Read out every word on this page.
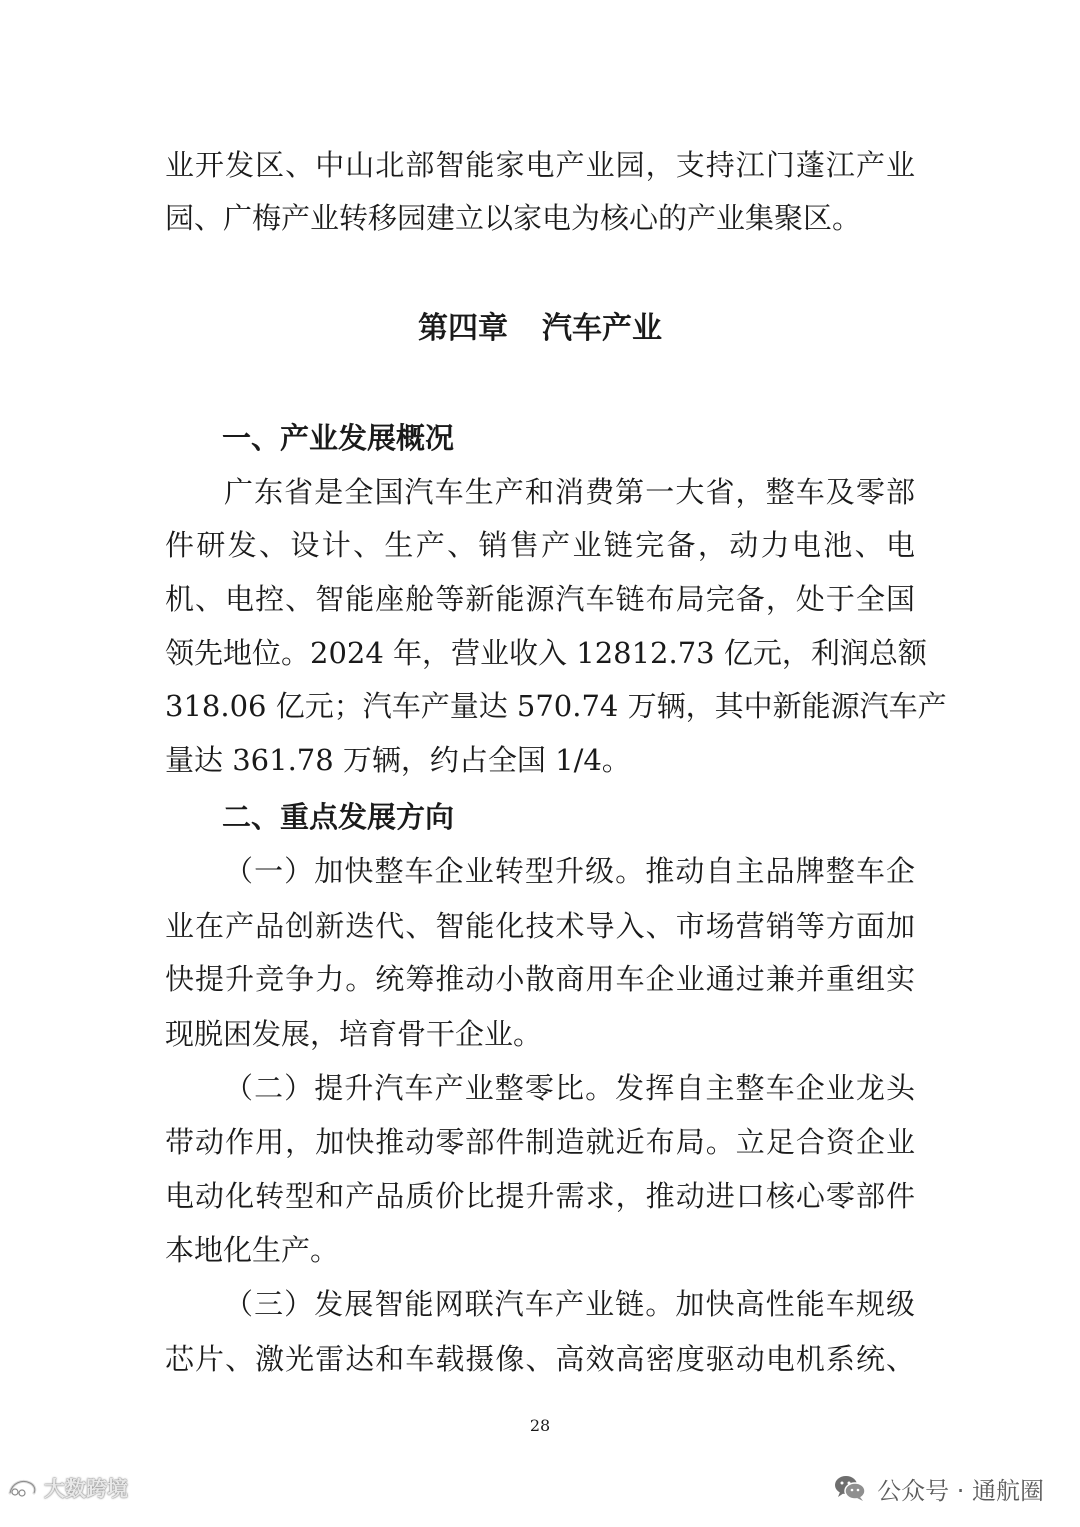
业开发区、中山北部智能家电产业园，支持江门蓬江产业
园、广梅产业转移园建立以家电为核心的产业集聚区。
第四章 汽车产业
一、产业发展概况
广东省是全国汽车生产和消费第一大省，整车及零部
件研发、设计、生产、销售产业链完备，动力电池、电
机、电控、智能座舱等新能源汽车链布局完备，处于全国
领先地位。2024 年，营业收入 12812.73 亿元，利润总额
318.06 亿元；汽车产量达 570.74 万辆，其中新能源汽车产
量达 361.78 万辆，约占全国 1/4。
二、重点发展方向
（一）加快整车企业转型升级。推动自主品牌整车企
业在产品创新迭代、智能化技术导入、市场营销等方面加
快提升竞争力。统筹推动小散商用车企业通过兼并重组实
现脱困发展，培育骨干企业。
（二）提升汽车产业整零比。发挥自主整车企业龙头
带动作用，加快推动零部件制造就近布局。立足合资企业
电动化转型和产品质价比提升需求，推动进口核心零部件
本地化生产。
（三）发展智能网联汽车产业链。加快高性能车规级
芯片、激光雷达和车载摄像、高效高密度驱动电机系统、
28
大数跨境	公众号 · 通航圈
